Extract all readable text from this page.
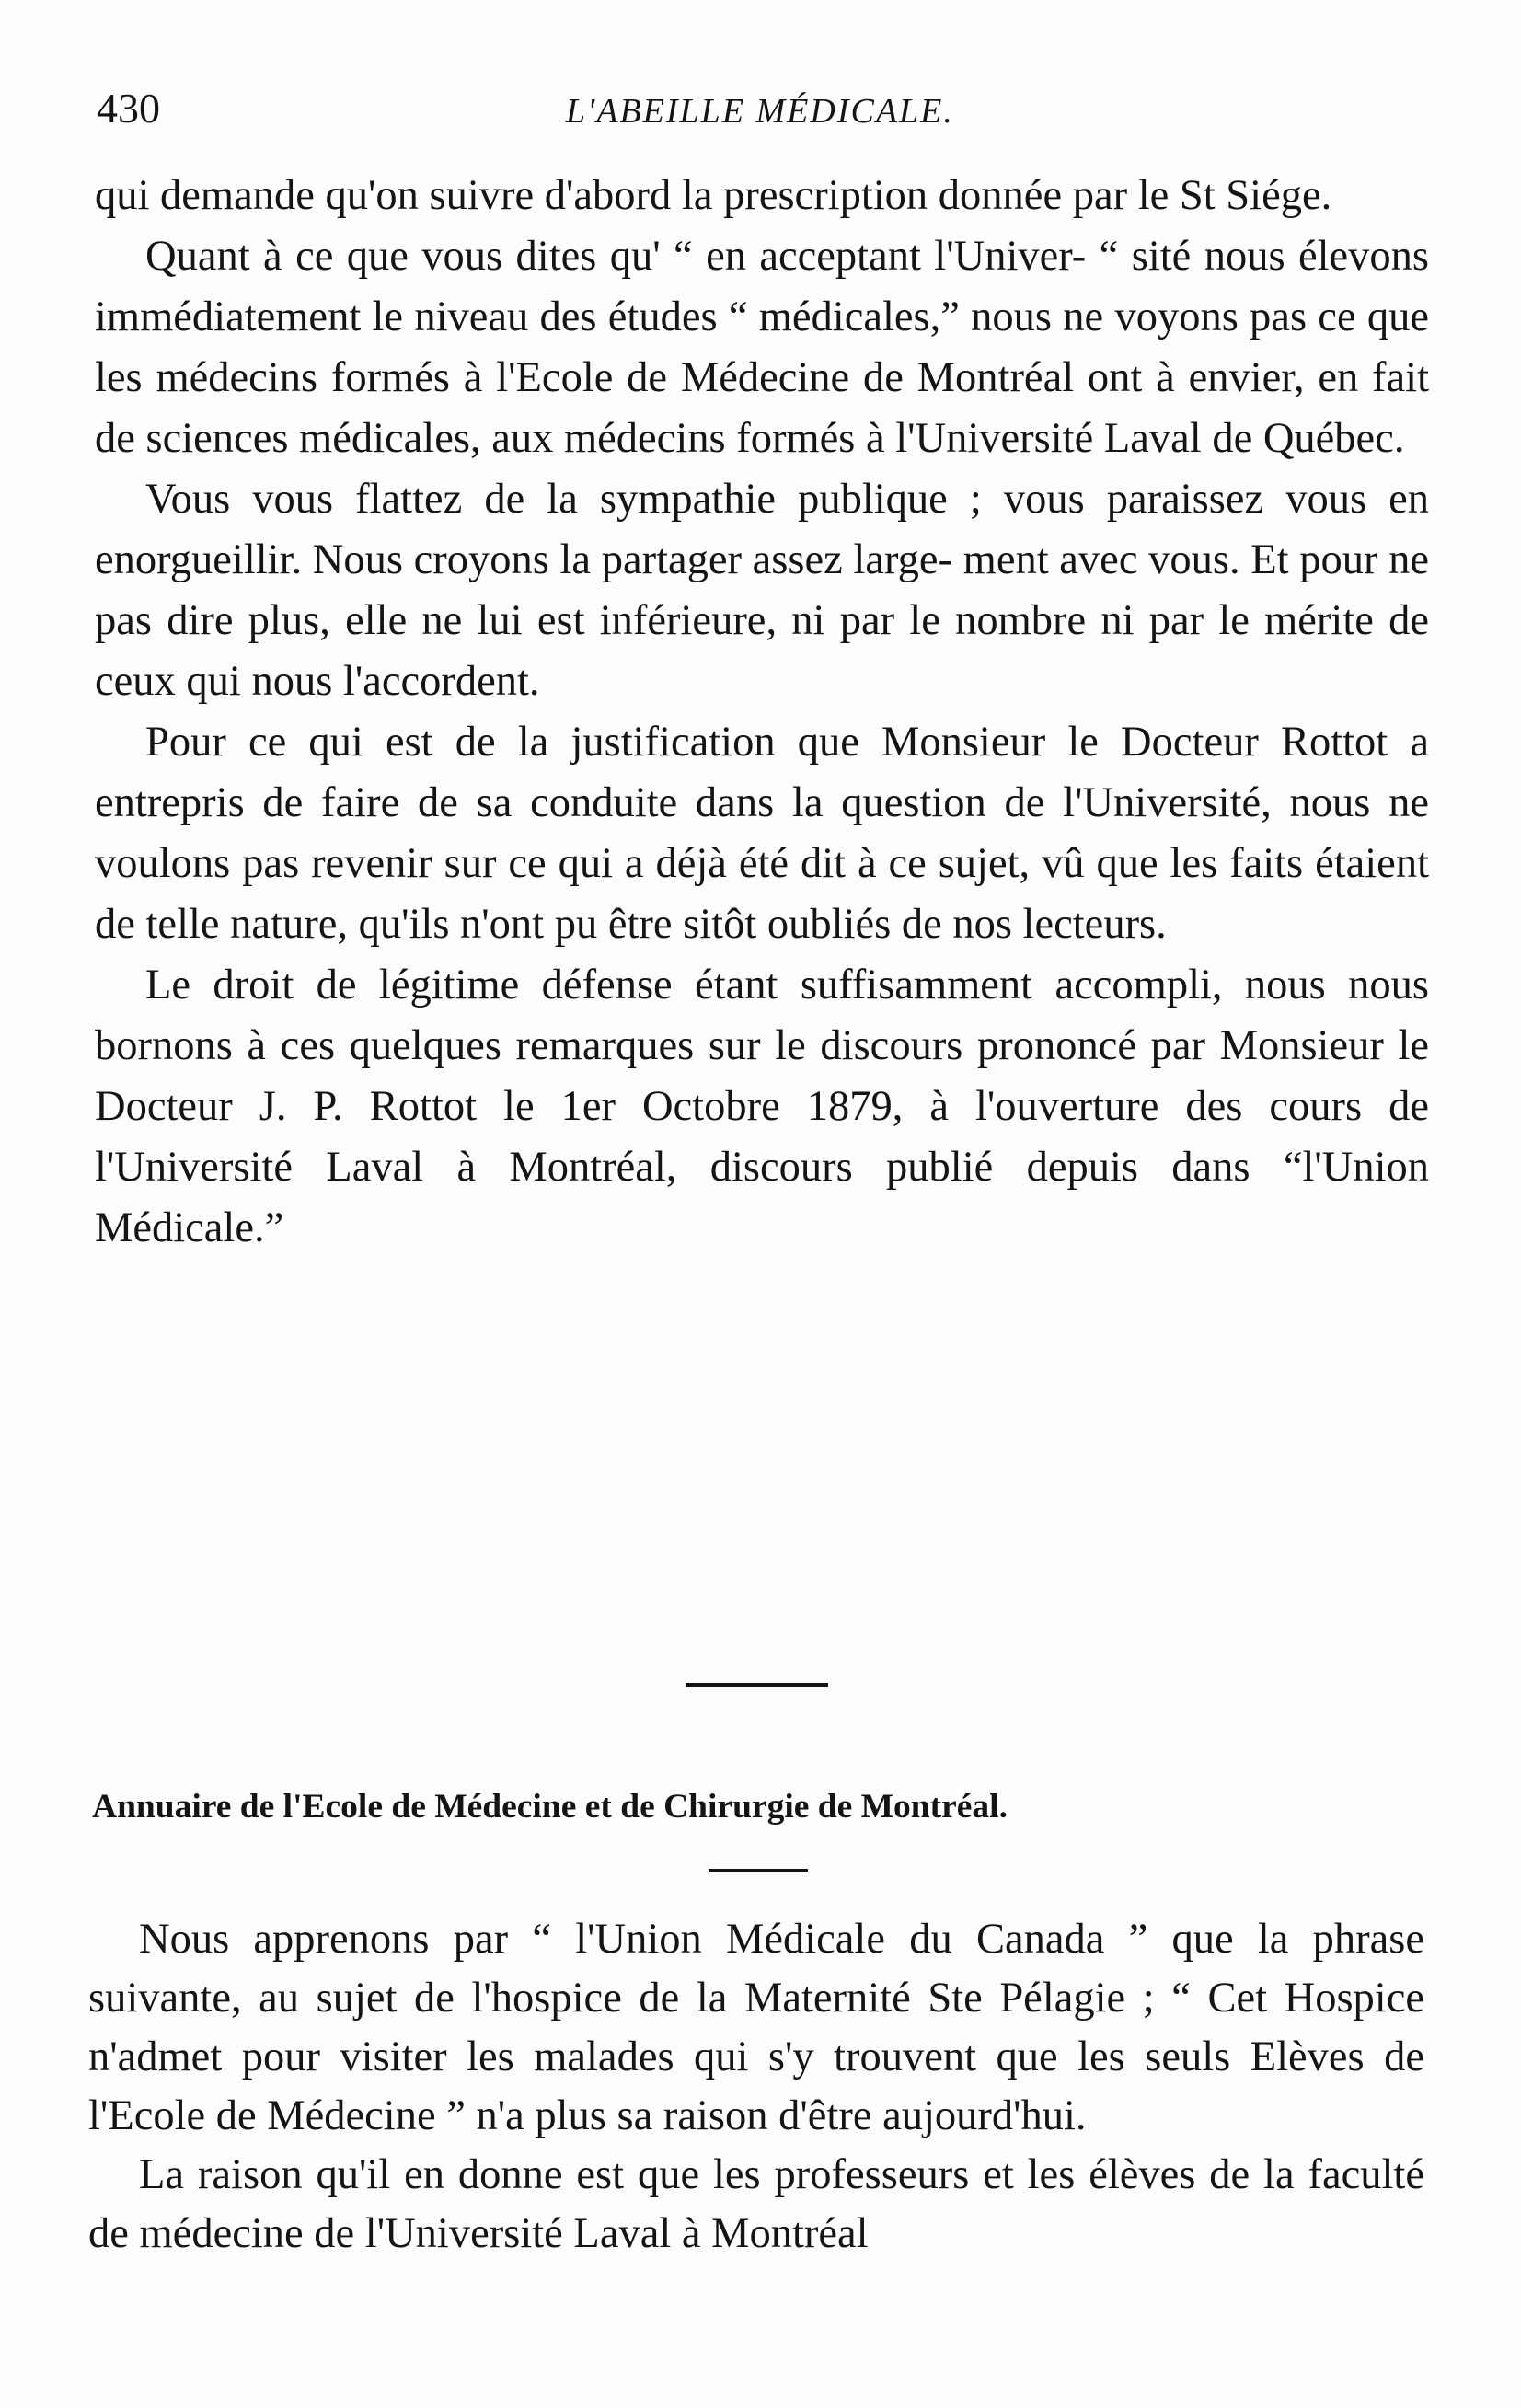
430	L'ABEILLE MÉDICALE.

qui demande qu'on suivre d'abord la prescription donnée par le St Siége.

Quant à ce que vous dites qu' “ en acceptant l'Univer- “ sité nous élevons immédiatement le niveau des études “ médicales,” nous ne voyons pas ce que les médecins formés à l'Ecole de Médecine de Montréal ont à envier, en fait de sciences médicales, aux médecins formés à l'Université Laval de Québec.

Vous vous flattez de la sympathie publique ; vous paraissez vous en enorgueillir. Nous croyons la partager assez large- ment avec vous. Et pour ne pas dire plus, elle ne lui est inférieure, ni par le nombre ni par le mérite de ceux qui nous l'accordent.

Pour ce qui est de la justification que Monsieur le Docteur Rottot a entrepris de faire de sa conduite dans la question de l'Université, nous ne voulons pas revenir sur ce qui a déjà été dit à ce sujet, vû que les faits étaient de telle nature, qu'ils n'ont pu être sitôt oubliés de nos lecteurs.

Le droit de légitime défense étant suffisamment accompli, nous nous bornons à ces quelques remarques sur le discours prononcé par Monsieur le Docteur J. P. Rottot le 1er Octobre 1879, à l'ouverture des cours de l'Université Laval à Montréal, discours publié depuis dans “l'Union Médicale.”

Annuaire de l'Ecole de Médecine et de Chirurgie de Montréal.

Nous apprenons par “ l'Union Médicale du Canada ” que la phrase suivante, au sujet de l'hospice de la Maternité Ste Pélagie ; “ Cet Hospice n'admet pour visiter les malades qui s'y trouvent que les seuls Elèves de l'Ecole de Médecine ” n'a plus sa raison d'être aujourd'hui.

La raison qu'il en donne est que les professeurs et les élèves de la faculté de médecine de l'Université Laval à Montréal
